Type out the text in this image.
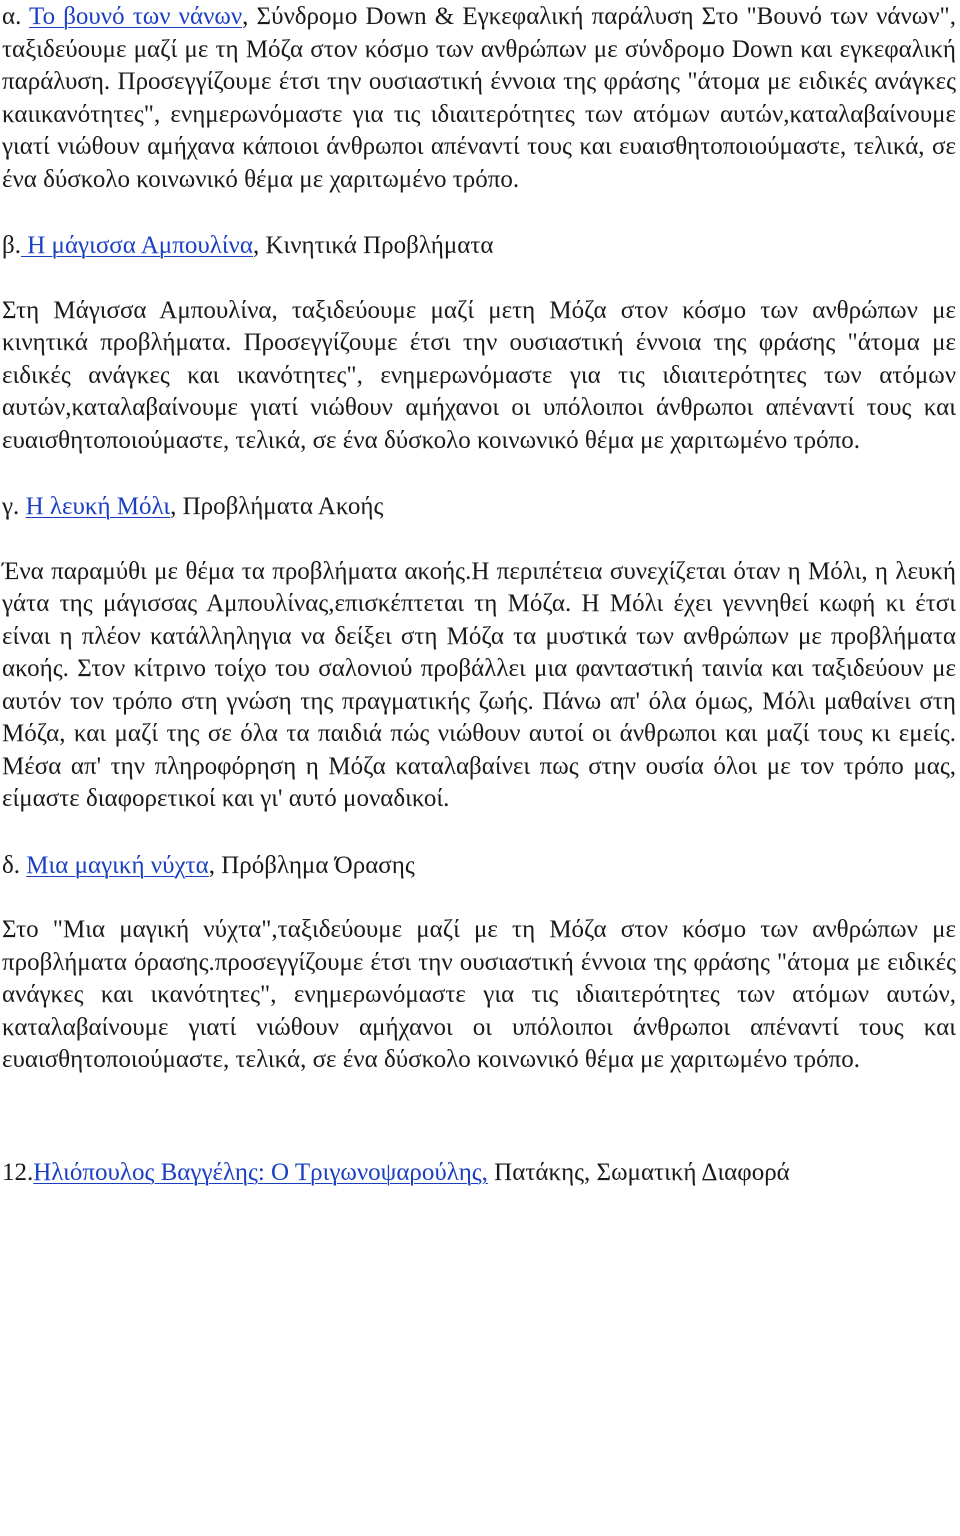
α. Το βουνό των νάνων, Σύνδρομο Down & Εγκεφαλική παράλυση Στο "Βουνό των νάνων", ταξιδεύουμε μαζί με τη Μόζα στον κόσμο των ανθρώπων με σύνδρομο Down και εγκεφαλική παράλυση. Προσεγγίζουμε έτσι την ουσιαστική έννοια της φράσης "άτομα με ειδικές ανάγκες καιικανότητες", ενημερωνόμαστε για τις ιδιαιτερότητες των ατόμων αυτών,καταλαβαίνουμε γιατί νιώθουν αμήχανα κάποιοι άνθρωποι απέναντί τους και ευαισθητοποιούμαστε, τελικά, σε ένα δύσκολο κοινωνικό θέμα με χαριτωμένο τρόπο.

β. Η μάγισσα Αμπουλίνα, Κινητικά Προβλήματα

Στη Μάγισσα Αμπουλίνα, ταξιδεύουμε μαζί μετη Μόζα στον κόσμο των ανθρώπων με κινητικά προβλήματα. Προσεγγίζουμε έτσι την ουσιαστική έννοια της φράσης "άτομα με ειδικές ανάγκες και ικανότητες", ενημερωνόμαστε για τις ιδιαιτερότητες των ατόμων αυτών,καταλαβαίνουμε γιατί νιώθουν αμήχανοι οι υπόλοιποι άνθρωποι απέναντί τους και ευαισθητοποιούμαστε, τελικά, σε ένα δύσκολο κοινωνικό θέμα με χαριτωμένο τρόπο.

γ. Η λευκή Μόλι, Προβλήματα Ακοής

Ένα παραμύθι με θέμα τα προβλήματα ακοής.Η περιπέτεια συνεχίζεται όταν η Μόλι, η λευκή γάτα της μάγισσας Αμπουλίνας,επισκέπτεται τη Μόζα. Η Μόλι έχει γεννηθεί κωφή κι έτσι είναι η πλέον κατάλληληγια να δείξει στη Μόζα τα μυστικά των ανθρώπων με προβλήματα ακοής. Στον κίτρινο τοίχο του σαλονιού προβάλλει μια φανταστική ταινία και ταξιδεύουν με αυτόν τον τρόπο στη γνώση της πραγματικής ζωής. Πάνω απ' όλα όμως, Μόλι μαθαίνει στη Μόζα, και μαζί της σε όλα τα παιδιά πώς νιώθουν αυτοί οι άνθρωποι και μαζί τους κι εμείς. Μέσα απ' την πληροφόρηση η Μόζα καταλαβαίνει πως στην ουσία όλοι με τον τρόπο μας, είμαστε διαφορετικοί και γι' αυτό μοναδικοί.

δ. Μια μαγική νύχτα, Πρόβλημα Όρασης

Στο "Μια μαγική νύχτα",ταξιδεύουμε μαζί με τη Μόζα στον κόσμο των ανθρώπων με προβλήματα όρασης.προσεγγίζουμε έτσι την ουσιαστική έννοια της φράσης "άτομα με ειδικές ανάγκες και ικανότητες", ενημερωνόμαστε για τις ιδιαιτερότητες των ατόμων αυτών, καταλαβαίνουμε γιατί νιώθουν αμήχανοι οι υπόλοιποι άνθρωποι απέναντί τους και ευαισθητοποιούμαστε, τελικά, σε ένα δύσκολο κοινωνικό θέμα με χαριτωμένο τρόπο.

12.Ηλιόπουλος Βαγγέλης: Ο Τριγωνοψαρούλης, Πατάκης, Σωματική Διαφορά
